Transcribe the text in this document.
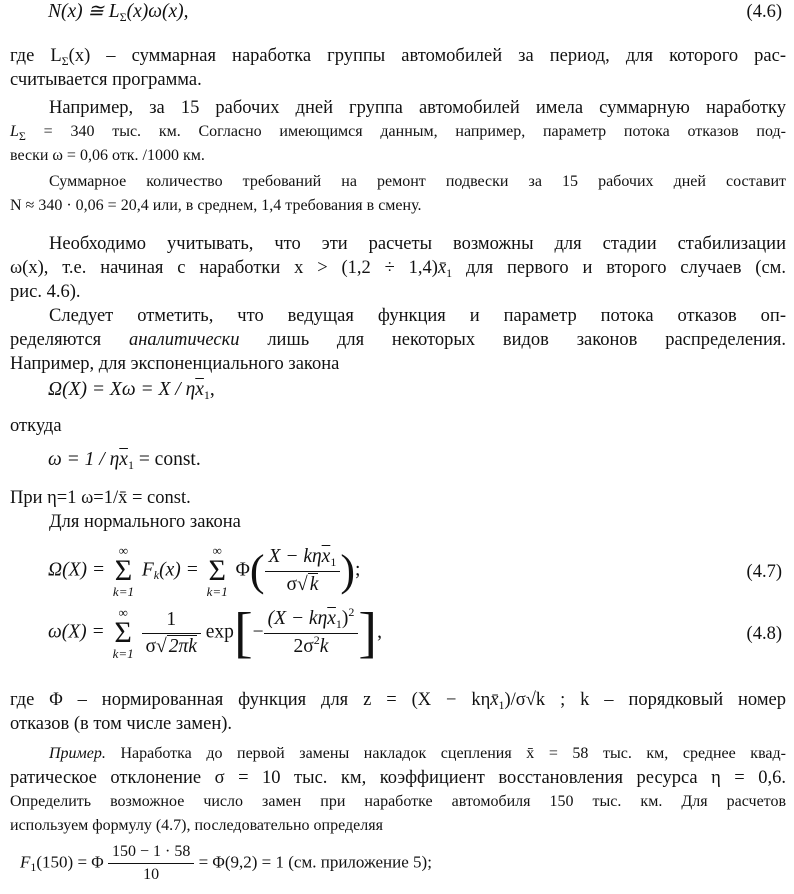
N(x) ≅ $L_\Sigma(x)\omega(x)$,	(4.6)
где $L_\Sigma(x)$ – суммарная наработка группы автомобилей за период, для которого рас-
считывается программа.
Например, за 15 рабочих дней группа автомобилей имела суммарную наработку
$L_\Sigma = 340$ тыс. км. Согласно имеющимся данным, например, параметр потока отказов под-
вески ω = 0,06 отк. /1000 км.
Суммарное количество требований на ремонт подвески за 15 рабочих дней составит
N ≈ 340 · 0,06 = 20,4 или, в среднем, 1,4 требования в смену.
Необходимо учитывать, что эти расчеты возможны для стадии стабилизации
ω(x), т.е. начиная с наработки $x > (1,2 \div 1,4)x̄_1$ для первого и второго случаев (см.
рис. 4.6).
Следует отметить, что ведущая функция и параметр потока отказов оп-
ределяются аналитически лишь для некоторых видов законов распределения.
Например, для экспоненциального закона
$\Omega(X) = X\omega = X / \eta\overline{x}_1$,
откуда
$\omega = 1 / \eta\overline{x}_1$ = const.
При η=1 ω=1/x̄ = const.
Для нормального закона
Ω(X) = ∞
Σ
k=1 $F_k(x)$ = ∞
Σ
k=1 $\Phi( \frac{X - k\eta\overline{x}_1}{\sigma√ k}$ );	(4.7)
ω(X) = ∞
Σ
$k=1 \frac{1}{\sigma√ 2\pi k} \exp[- \frac{(X - k\eta\overline{x}_1)^2}{2\sigma^2k}$ ],	(4.8)
где Φ – нормированная функция для $z = (X - k\eta x̄_1)/\sigma√k$ ; k – порядковый номер
отказов (в том числе замен).
Пример. Наработка до первой замены накладок сцепления x̄ = 58 тыс. км, среднее квад-
ратическое отклонение σ = 10 тыс. км, коэффициент восстановления ресурса η = 0,6.
Определить возможное число замен при наработке автомобиля 150 тыс. км. Для расчетов
используем формулу (4.7), последовательно определяя
$F_1(150) = \Phi \frac{150 - 1 \cdot 58}{10} = \Phi(9,2) = 1$ (см. приложение 5);
